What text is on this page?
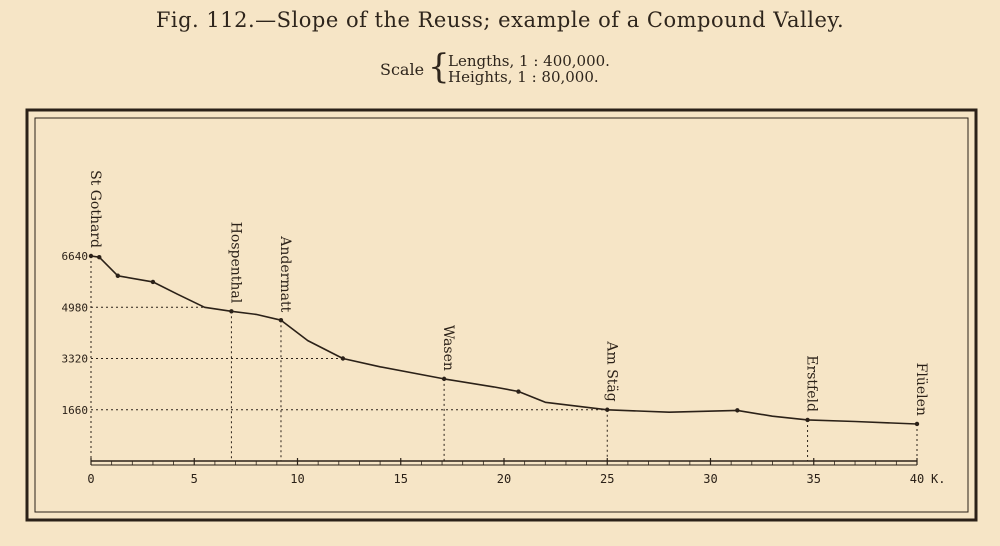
Fig. 112.—Slope of the Reuss; example of a Compound Valley.
Scale {
Lengths, 1 : 400,000.
Heights, 1 : 80,000.
1660
3320
4980
6640
0	5	10	15	20	25	30	35	40 K.
St Gothard
Hospenthal Andermatt
Wasen	Am Stäg	Erstfeld	Flüelen
